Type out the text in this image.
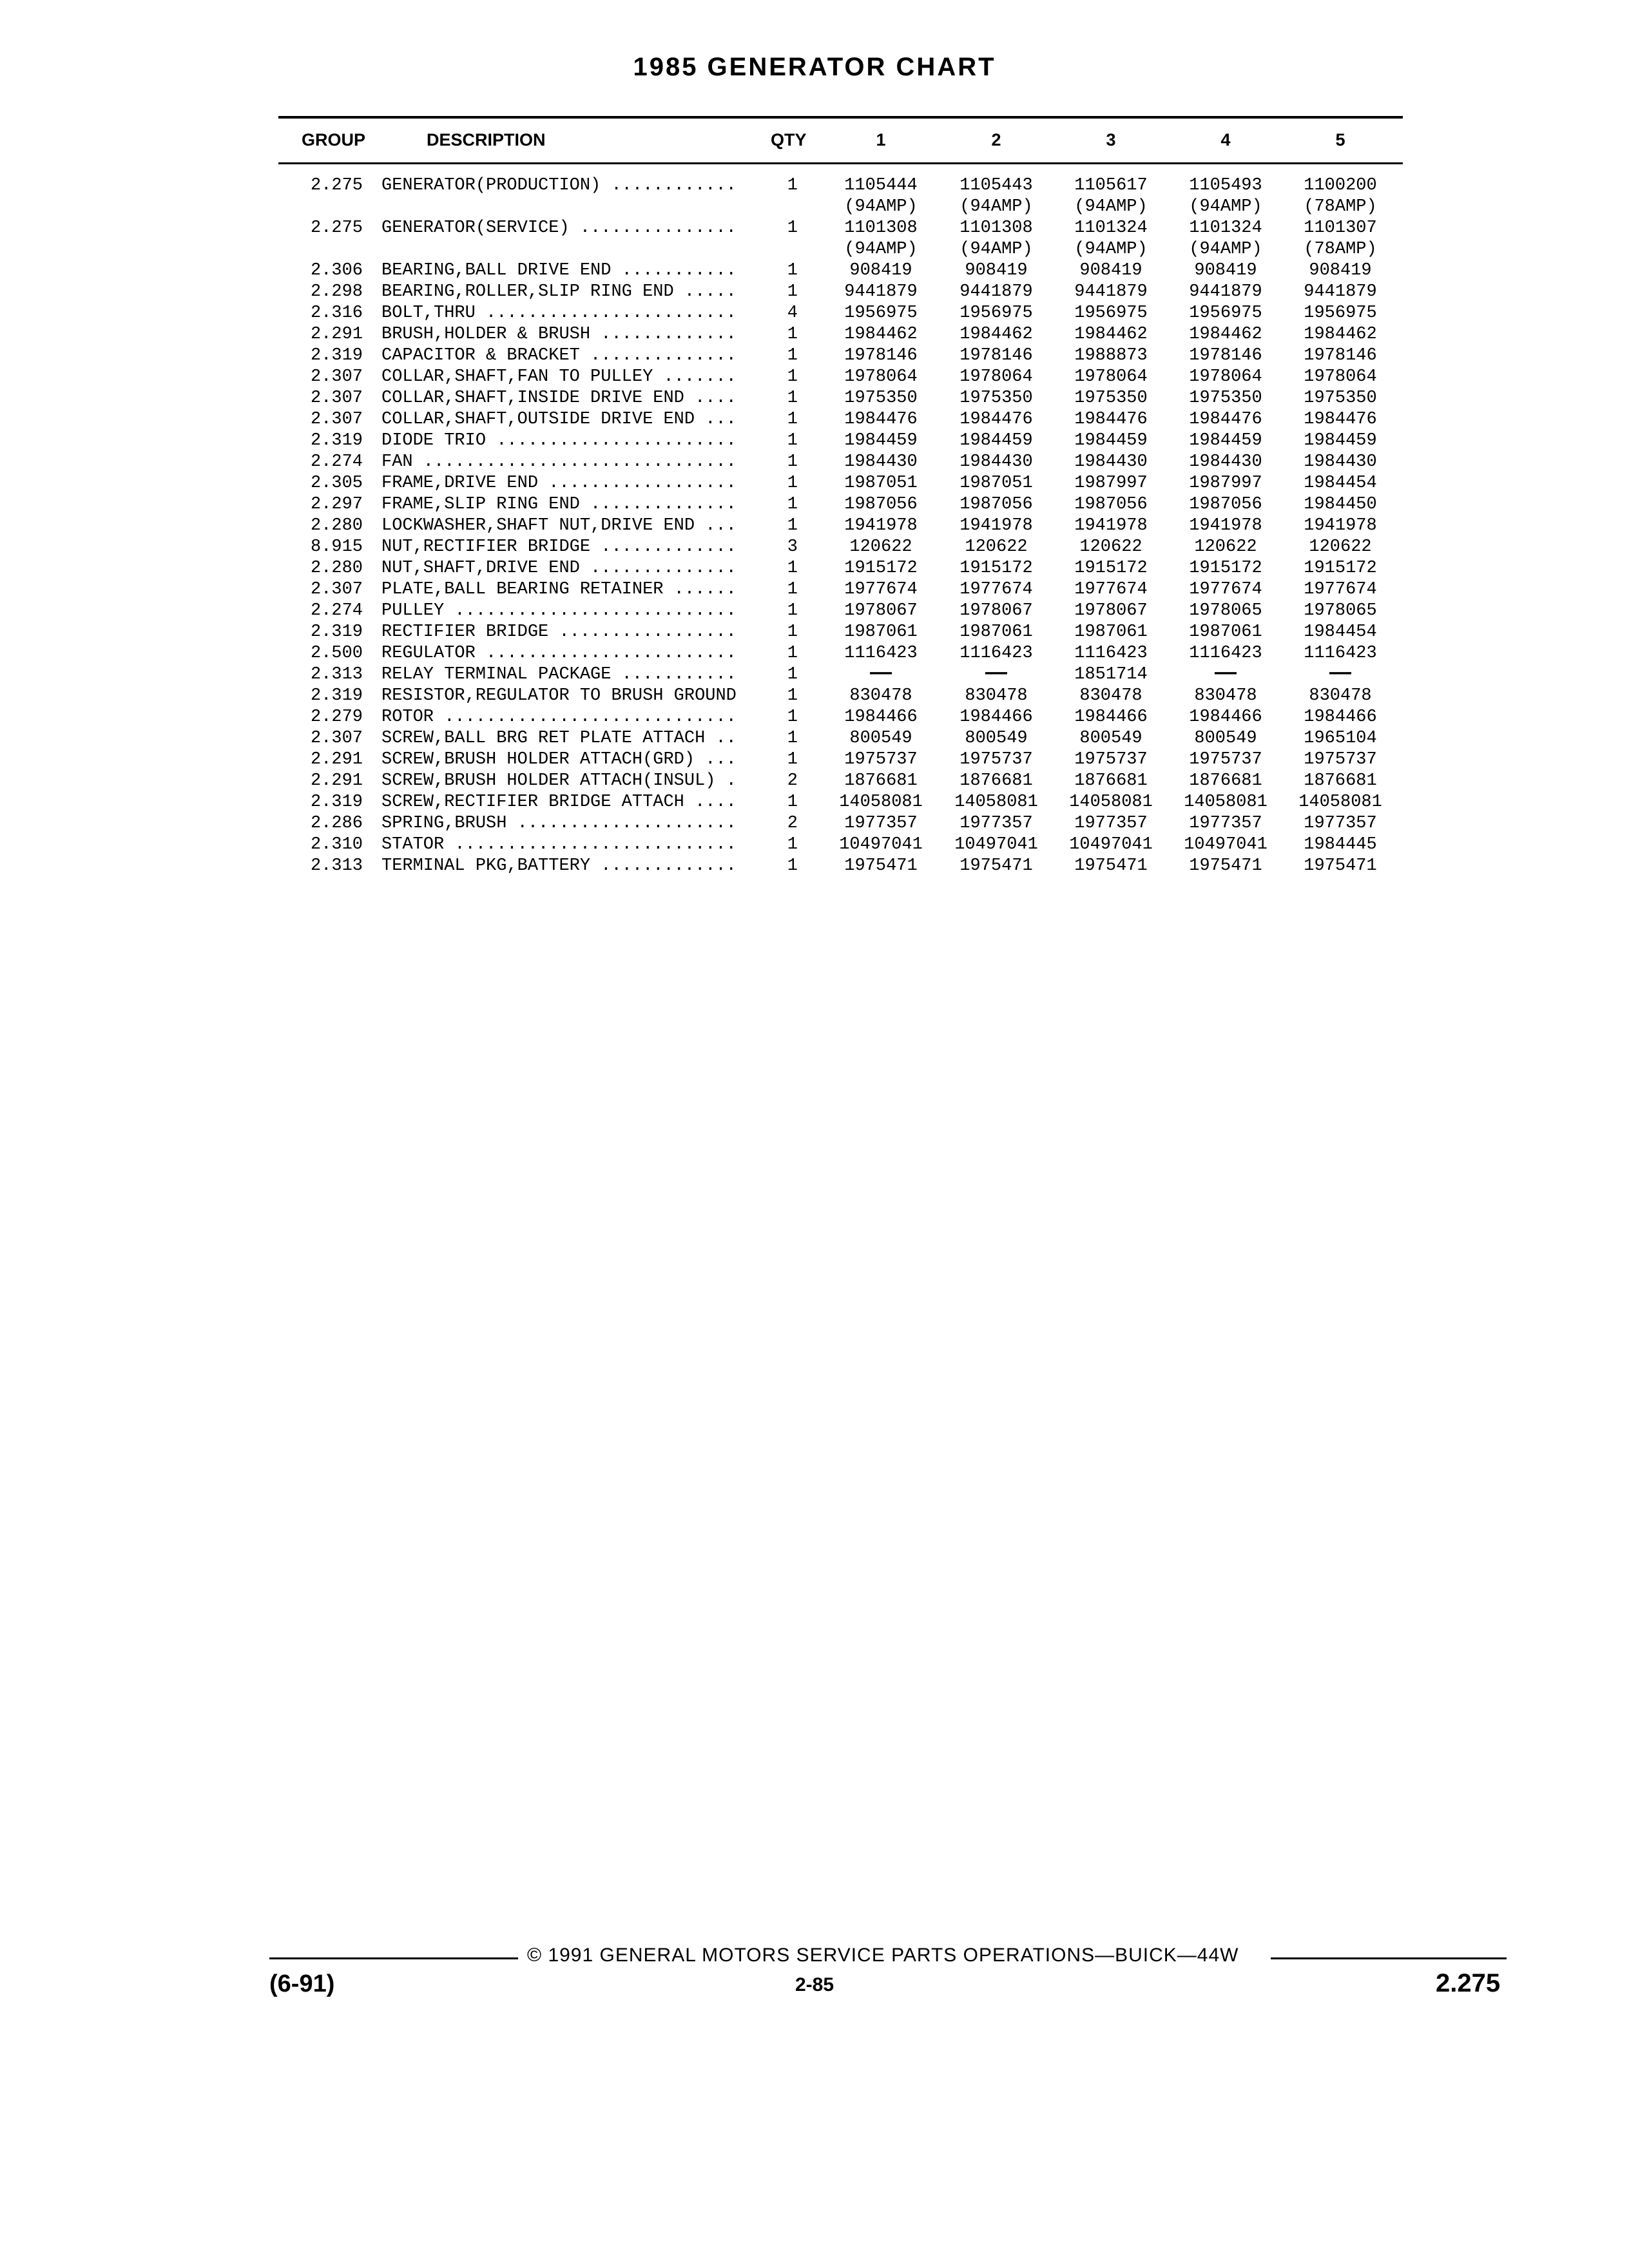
1985 GENERATOR CHART
GROUP	DESCRIPTION	QTY	1	2	3	4	5
2.275 GENERATOR(PRODUCTION) ............	1	1105444	1105443	1105617	1105493	1100200
(94AMP)	(94AMP)	(94AMP)	(94AMP)	(78AMP)
2.275 GENERATOR(SERVICE) ...............	1	1101308	1101308	1101324	1101324	1101307
(94AMP)	(94AMP)	(94AMP)	(94AMP)	(78AMP)
2.306 BEARING,BALL DRIVE END ...........	1	908419	908419	908419	908419	908419
2.298 BEARING,ROLLER,SLIP RING END .....	1	9441879	9441879	9441879	9441879	9441879
2.316 BOLT,THRU ........................	4	1956975	1956975	1956975	1956975	1956975
2.291 BRUSH,HOLDER & BRUSH .............	1	1984462	1984462	1984462	1984462	1984462
2.319 CAPACITOR & BRACKET ..............	1	1978146	1978146	1988873	1978146	1978146
2.307 COLLAR,SHAFT,FAN TO PULLEY .......	1	1978064	1978064	1978064	1978064	1978064
2.307 COLLAR,SHAFT,INSIDE DRIVE END ....	1	1975350	1975350	1975350	1975350	1975350
2.307 COLLAR,SHAFT,OUTSIDE DRIVE END ...	1	1984476	1984476	1984476	1984476	1984476
2.319 DIODE TRIO .......................	1	1984459	1984459	1984459	1984459	1984459
2.274 FAN ..............................	1	1984430	1984430	1984430	1984430	1984430
2.305 FRAME,DRIVE END ..................	1	1987051	1987051	1987997	1987997	1984454
2.297 FRAME,SLIP RING END ..............	1	1987056	1987056	1987056	1987056	1984450
2.280 LOCKWASHER,SHAFT NUT,DRIVE END ...	1	1941978	1941978	1941978	1941978	1941978
8.915 NUT,RECTIFIER BRIDGE .............	3	120622	120622	120622	120622	120622
2.280 NUT,SHAFT,DRIVE END ..............	1	1915172	1915172	1915172	1915172	1915172
2.307 PLATE,BALL BEARING RETAINER ......	1	1977674	1977674	1977674	1977674	1977674
2.274 PULLEY ...........................	1	1978067	1978067	1978067	1978065	1978065
2.319 RECTIFIER BRIDGE .................	1	1987061	1987061	1987061	1987061	1984454
2.500 REGULATOR ........................	1	1116423	1116423	1116423	1116423	1116423
2.313 RELAY TERMINAL PACKAGE ...........	1	—	—	1851714	—	—
2.319 RESISTOR,REGULATOR TO BRUSH GROUND	1	830478	830478	830478	830478	830478
2.279 ROTOR ............................	1	1984466	1984466	1984466	1984466	1984466
2.307 SCREW,BALL BRG RET PLATE ATTACH ..	1	800549	800549	800549	800549	1965104
2.291 SCREW,BRUSH HOLDER ATTACH(GRD) ...	1	1975737	1975737	1975737	1975737	1975737
2.291 SCREW,BRUSH HOLDER ATTACH(INSUL) .	2	1876681	1876681	1876681	1876681	1876681
2.319 SCREW,RECTIFIER BRIDGE ATTACH ....	1	14058081	14058081	14058081	14058081	14058081
2.286 SPRING,BRUSH .....................	2	1977357	1977357	1977357	1977357	1977357
2.310 STATOR ...........................	1	10497041	10497041	10497041	10497041	1984445
2.313 TERMINAL PKG,BATTERY .............	1	1975471	1975471	1975471	1975471	1975471
© 1991 GENERAL MOTORS SERVICE PARTS OPERATIONS—BUICK—44W
(6-91)	2-85	2.275
